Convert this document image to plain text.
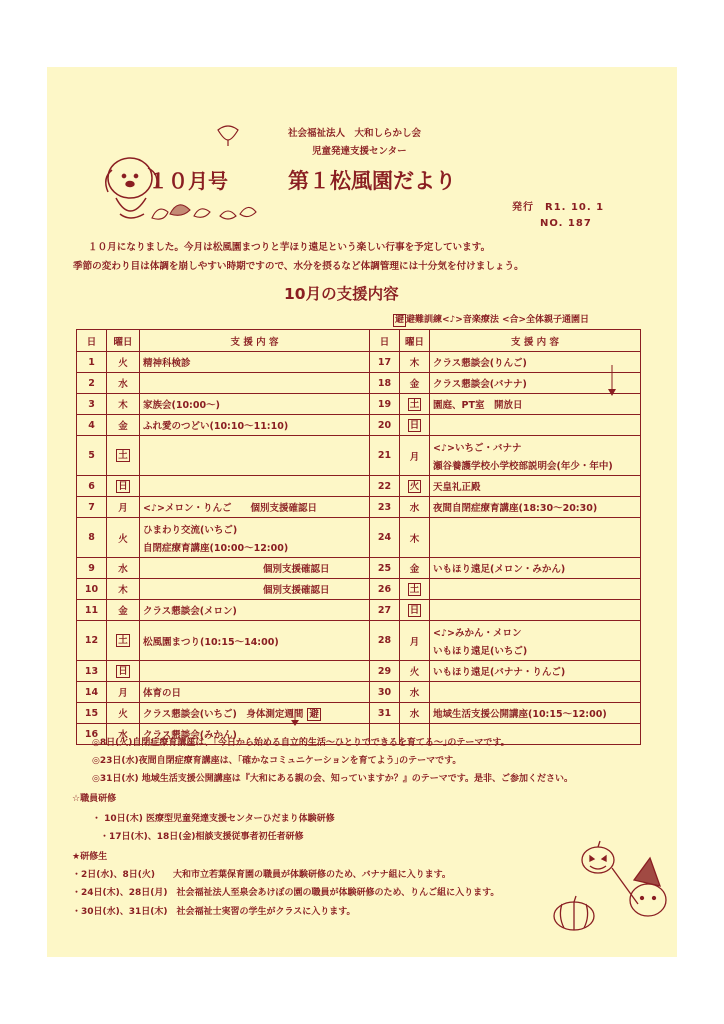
社会福祉法人　大和しらかし会
児童発達支援センター
１０月号	第１松風園だより
発行　R1. 10. 1
NO. 187
１０月になりました。今月は松風園まつりと芋ほり遠足という楽しい行事を予定しています。
季節の変わり目は体調を崩しやすい時期ですので、水分を摂るなど体調管理には十分気を付けましょう。
10月の支援内容
避 避難訓練<♪>音楽療法 <合>全体親子通園日
日	曜日	支 援 内 容	日	曜日	支 援 内 容
1	火	精神科検診	17	木	クラス懇談会(りんご)

2	水		18	金	クラス懇談会(バナナ)

3	木	家族会(10:00～)	19	土	園庭、PT室　開放日

4	金	ふれ愛のつどい(10:10～11:10)	20	日	

5	土		21	月	<♪>いちご・バナナ
瀬谷養護学校小学校部説明会(年少・年中)

6	日		22	火	天皇礼正殿

7	月	<♪>メロン・りんご　　個別支援確認日	23	水	夜間自閉症療育講座(18:30～20:30)

8	火	ひまわり交流(いちご)
自閉症療育講座(10:00～12:00)	24	木	

9	水	個別支援確認日	25	金	いもほり遠足(メロン・みかん)

10	木	個別支援確認日	26	土	

11	金	クラス懇談会(メロン)	27	日	

12	土	松風園まつり(10:15～14:00)	28	月	<♪>みかん・メロン
いもほり遠足(いちご)

13	日		29	火	いもほり遠足(バナナ・りんご)

14	月	体育の日	30	水	

15	火	クラス懇談会(いちご)　身体測定週間 避	31	水	地域生活支援公開講座(10:15～12:00)

16	水	クラス懇談会(みかん)			

◎8日(火)自閉症療育講座は、｢今日から始める自立的生活～ひとりでできるを育てる～｣のテーマです。
◎23日(水)夜間自閉症療育講座は、｢確かなコミュニケーションを育てよう｣のテーマです。
◎31日(水) 地域生活支援公開講座は『大和にある親の会、知っていますか？』のテーマです。是非、ご参加ください。
☆職員研修
・ 10日(木) 医療型児童発達支援センターひだまり体験研修
・17日(木)、18日(金)相談支援従事者初任者研修
★研修生
・2日(水)、8日(火)　　大和市立若葉保育園の職員が体験研修のため、バナナ組に入ります。
・24日(木)、28日(月)　社会福祉法人至泉会あけぼの園の職員が体験研修のため、りんご組に入ります。
・30日(水)、31日(木)　社会福祉士実習の学生がクラスに入ります。
